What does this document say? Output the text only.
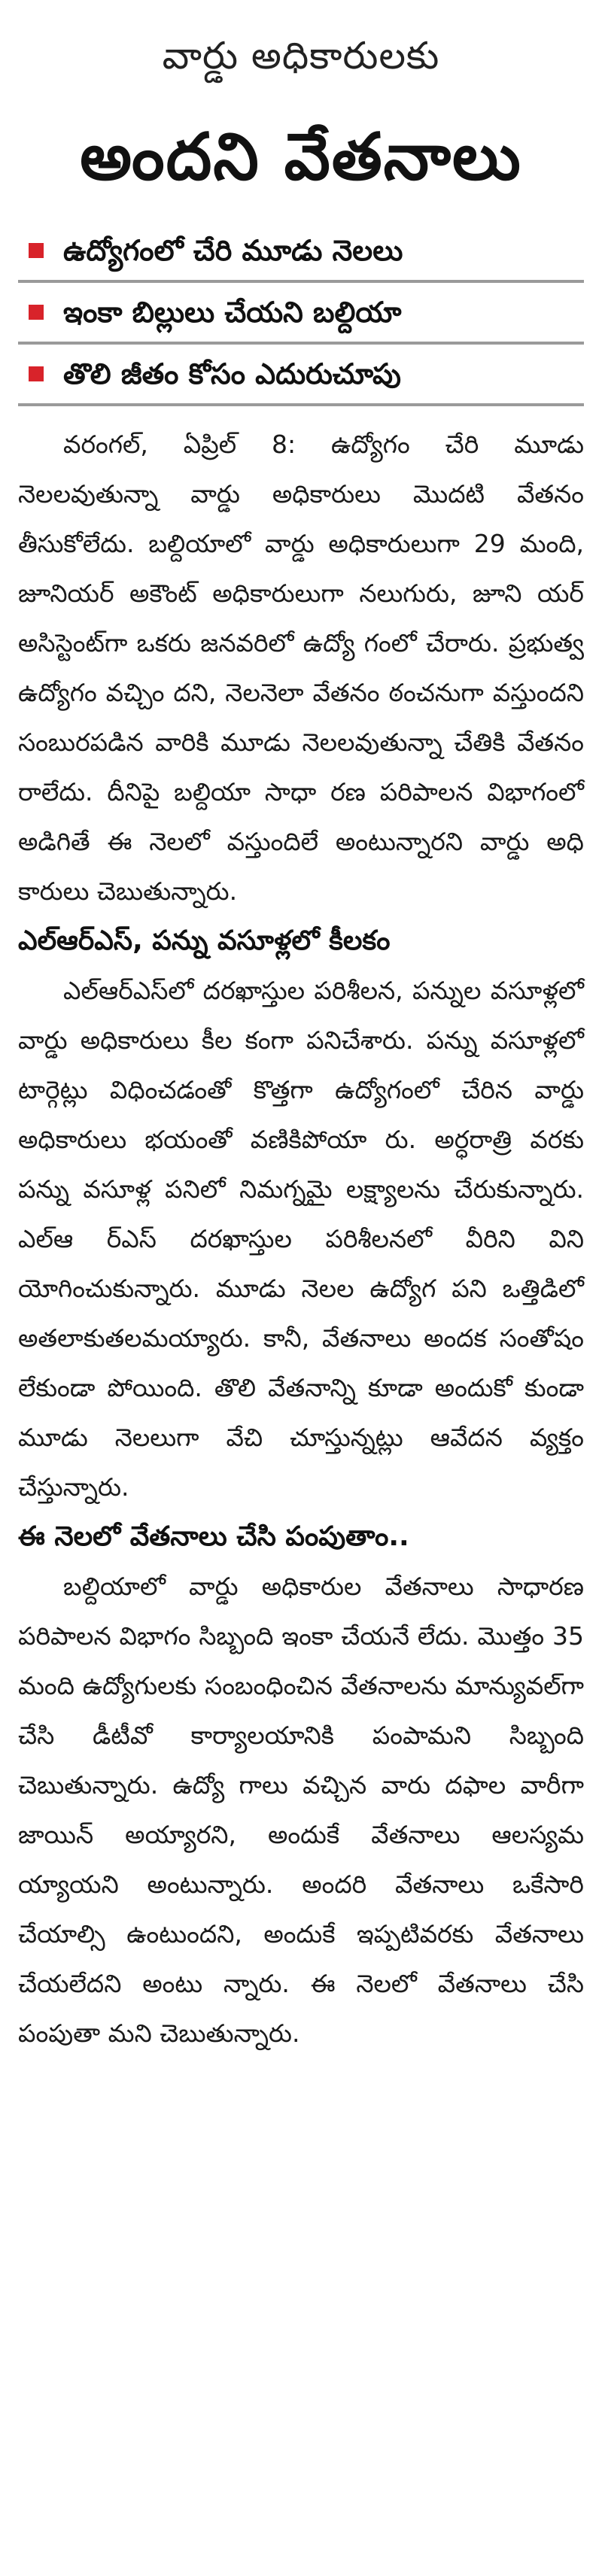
వార్డు అధికారులకు
అందని వేతనాలు
ఉద్యోగంలో చేరి మూడు నెలలు
ఇంకా బిల్లులు చేయని బల్దియా
తొలి జీతం కోసం ఎదురుచూపు

వరంగల్‌, ఏప్రిల్‌ 8: ఉద్యోగం చేరి మూడు నెలలవుతున్నా వార్డు అధికారులు మొదటి వేతనం తీసుకోలేదు. బల్దియాలో వార్డు అధికారులుగా 29 మంది, జూనియర్‌ అకౌంట్‌ అధికారులుగా నలుగురు, జూని యర్‌ అసిస్టెంట్‌గా ఒకరు జనవరిలో ఉద్యో గంలో చేరారు. ప్రభుత్వ ఉద్యోగం వచ్చిం దని, నెలనెలా వేతనం ఠంచనుగా వస్తుందని సంబురపడిన వారికి మూడు నెలలవుతున్నా చేతికి వేతనం రాలేదు. దీనిపై బల్దియా సాధా రణ పరిపాలన విభాగంలో అడిగితే ఈ నెలలో వస్తుందిలే అంటున్నారని వార్డు అధి కారులు చెబుతున్నారు.

ఎల్‌ఆర్‌ఎస్‌, పన్ను వసూళ్లలో కీలకం

ఎల్‌ఆర్‌ఎస్‌లో దరఖాస్తుల పరిశీలన, పన్నుల వసూళ్లలో వార్డు అధికారులు కీల కంగా పనిచేశారు. పన్ను వసూళ్లలో టార్గెట్లు విధించడంతో కొత్తగా ఉద్యోగంలో చేరిన వార్డు అధికారులు భయంతో వణికిపోయా రు. అర్ధరాత్రి వరకు పన్ను వసూళ్ల పనిలో నిమగ్నమై లక్ష్యాలను చేరుకున్నారు. ఎల్‌ఆ ర్‌ఎస్‌ దరఖాస్తుల పరిశీలనలో వీరిని విని యోగించుకున్నారు. మూడు నెలల ఉద్యోగ పని ఒత్తిడిలో అతలాకుతలమయ్యారు. కానీ, వేతనాలు అందక సంతోషం లేకుండా పోయింది. తొలి వేతనాన్ని కూడా అందుకో కుండా మూడు నెలలుగా వేచి చూస్తున్నట్లు ఆవేదన వ్యక్తం చేస్తున్నారు.

ఈ నెలలో వేతనాలు చేసి పంపుతాం..

బల్దియాలో వార్డు అధికారుల వేతనాలు సాధారణ పరిపాలన విభాగం సిబ్బంది ఇంకా చేయనే లేదు. మొత్తం 35 మంది ఉద్యోగులకు సంబంధించిన వేతనాలను మాన్యువల్‌గా చేసి డీటీవో కార్యాలయానికి పంపామని సిబ్బంది చెబుతున్నారు. ఉద్యో గాలు వచ్చిన వారు దఫాల వారీగా జాయిన్‌ అయ్యారని, అందుకే వేతనాలు ఆలస్యమ య్యాయని అంటున్నారు. అందరి వేతనాలు ఒకేసారి చేయాల్సి ఉంటుందని, అందుకే ఇప్పటివరకు వేతనాలు చేయలేదని అంటు న్నారు. ఈ నెలలో వేతనాలు చేసి పంపుతా మని చెబుతున్నారు.
